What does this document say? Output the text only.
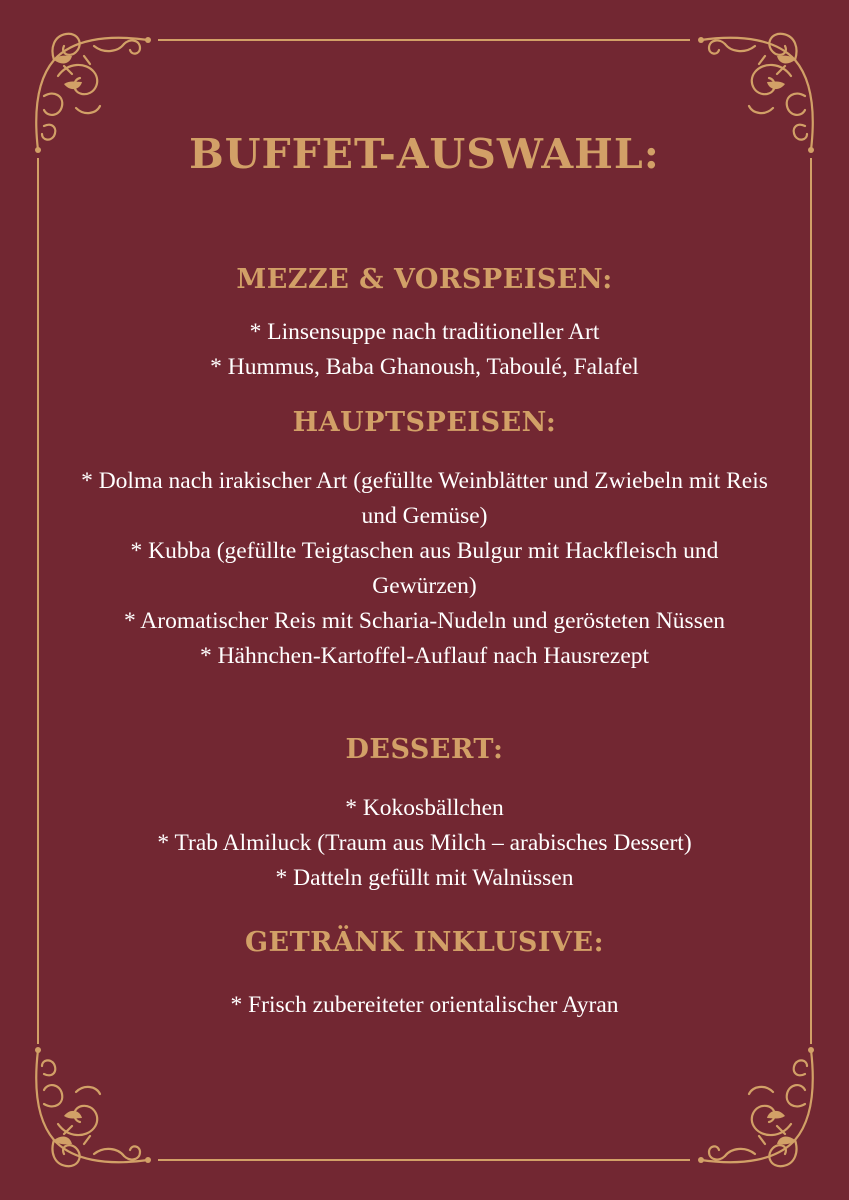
BUFFET-AUSWAHL:
MEZZE & VORSPEISEN:
* Linsensuppe nach traditioneller Art
* Hummus, Baba Ghanoush, Taboulé, Falafel
HAUPTSPEISEN:
* Dolma nach irakischer Art (gefüllte Weinblätter und Zwiebeln mit Reis und Gemüse)
* Kubba (gefüllte Teigtaschen aus Bulgur mit Hackfleisch und Gewürzen)
* Aromatischer Reis mit Scharia-Nudeln und gerösteten Nüssen
* Hähnchen-Kartoffel-Auflauf nach Hausrezept
DESSERT:
* Kokosbällchen
* Trab Almiluck (Traum aus Milch – arabisches Dessert)
* Datteln gefüllt mit Walnüssen
GETRÄNK INKLUSIVE:
* Frisch zubereiteter orientalischer Ayran
